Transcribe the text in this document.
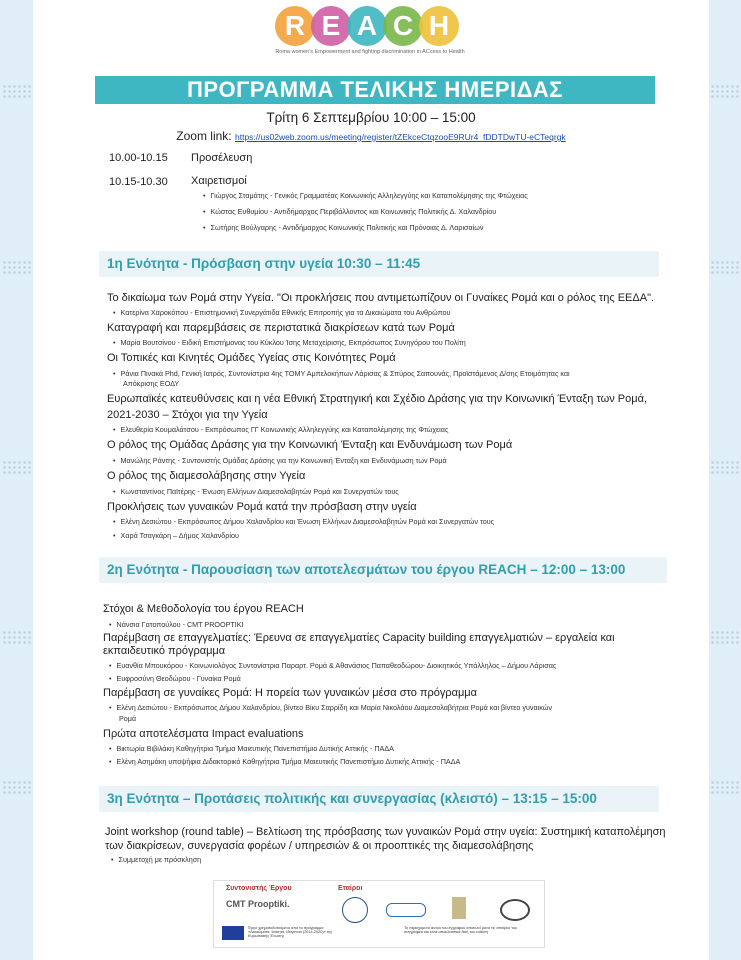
R E A C H
Roma women's Empowerment and fighting discrimination in ACcess to Health
ΠΡΟΓΡΑΜΜΑ ΤΕΛΙΚΗΣ ΗΜΕΡΙΔΑΣ
Τρίτη 6 Σεπτεμβρίου 10:00 – 15:00
Zoom link: https://us02web.zoom.us/meeting/register/tZEkceCtqzooE9RUr4_fDDTDwTU-eCTeqrgk
10.00-10.15 Προσέλευση
10.15-10.30 Χαιρετισμοί
• Γιώργος Σταμάτης - Γενικός Γραμματέας Κοινωνικής Αλληλεγγύης και Καταπολέμησης της Φτώχειας
• Κώστας Ευθυμίου - Αντιδήμαρχος Περιβάλλοντος και Κοινωνικής Πολιτικής Δ. Χαλανδρίου
• Σωτήρης Βούλγαρης - Αντιδήμαρχος Κοινωνικής Πολιτικής και Πρόνοιας Δ. Λαρισαίων
1η Ενότητα - Πρόσβαση στην υγεία 10:30 – 11:45
Το δικαίωμα των Ρομά στην Υγεία. "Οι προκλήσεις που αντιμετωπίζουν οι Γυναίκες Ρομά και ο ρόλος της ΕΕΔΑ".
• Κατερίνα Χαροκόπου - Επιστημονική Συνεργάτιδα Εθνικής Επιτροπής για τα Δικαιώματα του Ανθρώπου
Καταγραφή και παρεμβάσεις σε περιστατικά διακρίσεων κατά των Ρομά
• Μαρία Βουτσίνου - Ειδική Επιστήμονας του Κύκλου Ίσης Μεταχείρισης, Εκπρόσωπος Συνηγόρου του Πολίτη
Οι Τοπικές και Κινητές Ομάδες Υγείας στις Κοινότητες Ρομά
• Ράνια Πινακά Phd, Γενική Ιατρός, Συντονίστρια 4ης ΤΟΜΥ Αμπελοκήπων Λάρισας & Σπύρος Σαπουνάς, Προϊστάμενος Δ/σης Ετοιμότητας και
Απόκρισης ΕΟΔΥ
Ευρωπαϊκές κατευθύνσεις και η νέα Εθνική Στρατηγική και Σχέδιο Δράσης για την Κοινωνική Ένταξη των Ρομά,
2021-2030 – Στόχοι για την Υγεία
• Ελευθερία Κουμαλάτσου - Εκπρόσωπος ΓΓ Κοινωνικής Αλληλεγγύης και Καταπολέμησης της Φτώχειας
Ο ρόλος της Ομάδας Δράσης για την Κοινωνική Ένταξη και Ενδυνάμωση των Ρομά
• Μανώλης Ράντης - Συντονιστής Ομάδας Δράσης για την Κοινωνική Ένταξη και Ενδυνάμωση των Ρομά
Ο ρόλος της διαμεσολάβησης στην Υγεία
• Κωνσταντίνος Παϊτέρης - Ένωση Ελλήνων Διαμεσολαβητών Ρομά και Συνεργατών τους
Προκλήσεις των γυναικών Ρομά κατά την πρόσβαση στην υγεία
• Ελένη Δεσιώτου - Εκπρόσωπος Δήμου Χαλανδρίου και Ένωση Ελλήνων Διαμεσολαβητών Ρομά και Συνεργατών τους
• Χαρά Τσαγκάρη – Δήμος Χαλανδρίου
2η Ενότητα - Παρουσίαση των αποτελεσμάτων του έργου REACH – 12:00 – 13:00
Στόχοι & Μεθοδολογία του έργου REACH
• Νάνσια Γατοπούλου - CMT PROOPTIKI
Παρέμβαση σε επαγγελματίες: Έρευνα σε επαγγελματίες Capacity building επαγγελματιών – εργαλεία και
εκπαιδευτικό πρόγραμμα
• Ευανθία Μπουκόρου - Κοινωνιολόγος Συντονίστρια Παραρτ. Ρομά & Αθανάσιος Παπαθεοδώρου- Διοικητικός Υπάλληλος – Δήμου Λάρισας
• Ευφροσύνη Θεοδώρου - Γυναίκα Ρομά
Παρέμβαση σε γυναίκες Ρομά: Η πορεία των γυναικών μέσα στο πρόγραμμα
• Ελένη Δεσιώτου - Εκπρόσωπος Δήμου Χαλανδρίου, βίντεο Βίκυ Σαρρίδη και Μαρία Νικολάου Διαμεσολαβήτρια Ρομά και βίντεο γυναικών
Ρομά
Πρώτα αποτελέσματα Impact evaluations
• Βικτωρία Βιβιλάκη Καθηγήτρια Τμήμα Μαιευτικής Πανεπιστήμιο Δυτικής Αττικής - ΠΑΔΑ
• Ελένη Ασημάκη υποψήφια Διδακτορικό Καθηγήτρια Τμήμα Μαιευτικής Πανεπιστήμιο Δυτικής Αττικής - ΠΑΔΑ
3η Ενότητα – Προτάσεις πολιτικής και συνεργασίας (κλειστό) – 13:15 – 15:00
Joint workshop (round table) – Βελτίωση της πρόσβασης των γυναικών Ρομά στην υγεία: Συστημική καταπολέμηση
των διακρίσεων, συνεργασία φορέων / υπηρεσιών & οι προοπτικές της διαμεσολάβησης
• Συμμετοχή με πρόσκληση
Συντονιστής Έργου	Εταίροι
CMT Prooptiki.
Έργο χρηματοδοτούμενο από το πρόγραμμα «Δικαιώματα, Ισότητα, Ιθαγένεια (2014-2020)» της Ευρωπαϊκής Ένωσης
Το περιεχόμενο αυτού του εγγράφου αποτελεί μόνο τις απόψεις του συγγραφέα και είναι αποκλειστικά δική του ευθύνη
